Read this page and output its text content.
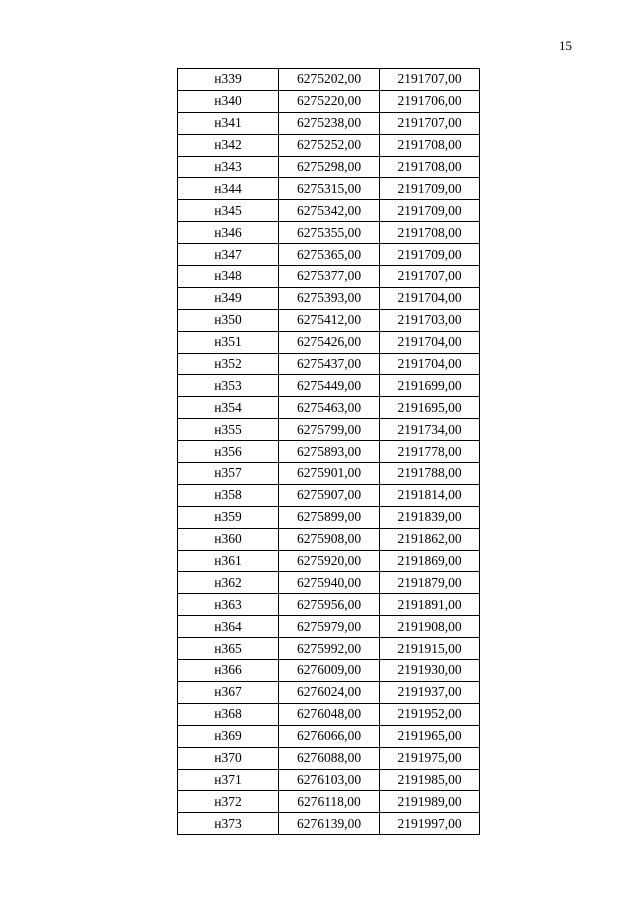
15
н339	6275202,00	2191707,00
н340	6275220,00	2191706,00
н341	6275238,00	2191707,00
н342	6275252,00	2191708,00
н343	6275298,00	2191708,00
н344	6275315,00	2191709,00
н345	6275342,00	2191709,00
н346	6275355,00	2191708,00
н347	6275365,00	2191709,00
н348	6275377,00	2191707,00
н349	6275393,00	2191704,00
н350	6275412,00	2191703,00
н351	6275426,00	2191704,00
н352	6275437,00	2191704,00
н353	6275449,00	2191699,00
н354	6275463,00	2191695,00
н355	6275799,00	2191734,00
н356	6275893,00	2191778,00
н357	6275901,00	2191788,00
н358	6275907,00	2191814,00
н359	6275899,00	2191839,00
н360	6275908,00	2191862,00
н361	6275920,00	2191869,00
н362	6275940,00	2191879,00
н363	6275956,00	2191891,00
н364	6275979,00	2191908,00
н365	6275992,00	2191915,00
н366	6276009,00	2191930,00
н367	6276024,00	2191937,00
н368	6276048,00	2191952,00
н369	6276066,00	2191965,00
н370	6276088,00	2191975,00
н371	6276103,00	2191985,00
н372	6276118,00	2191989,00
н373	6276139,00	2191997,00
